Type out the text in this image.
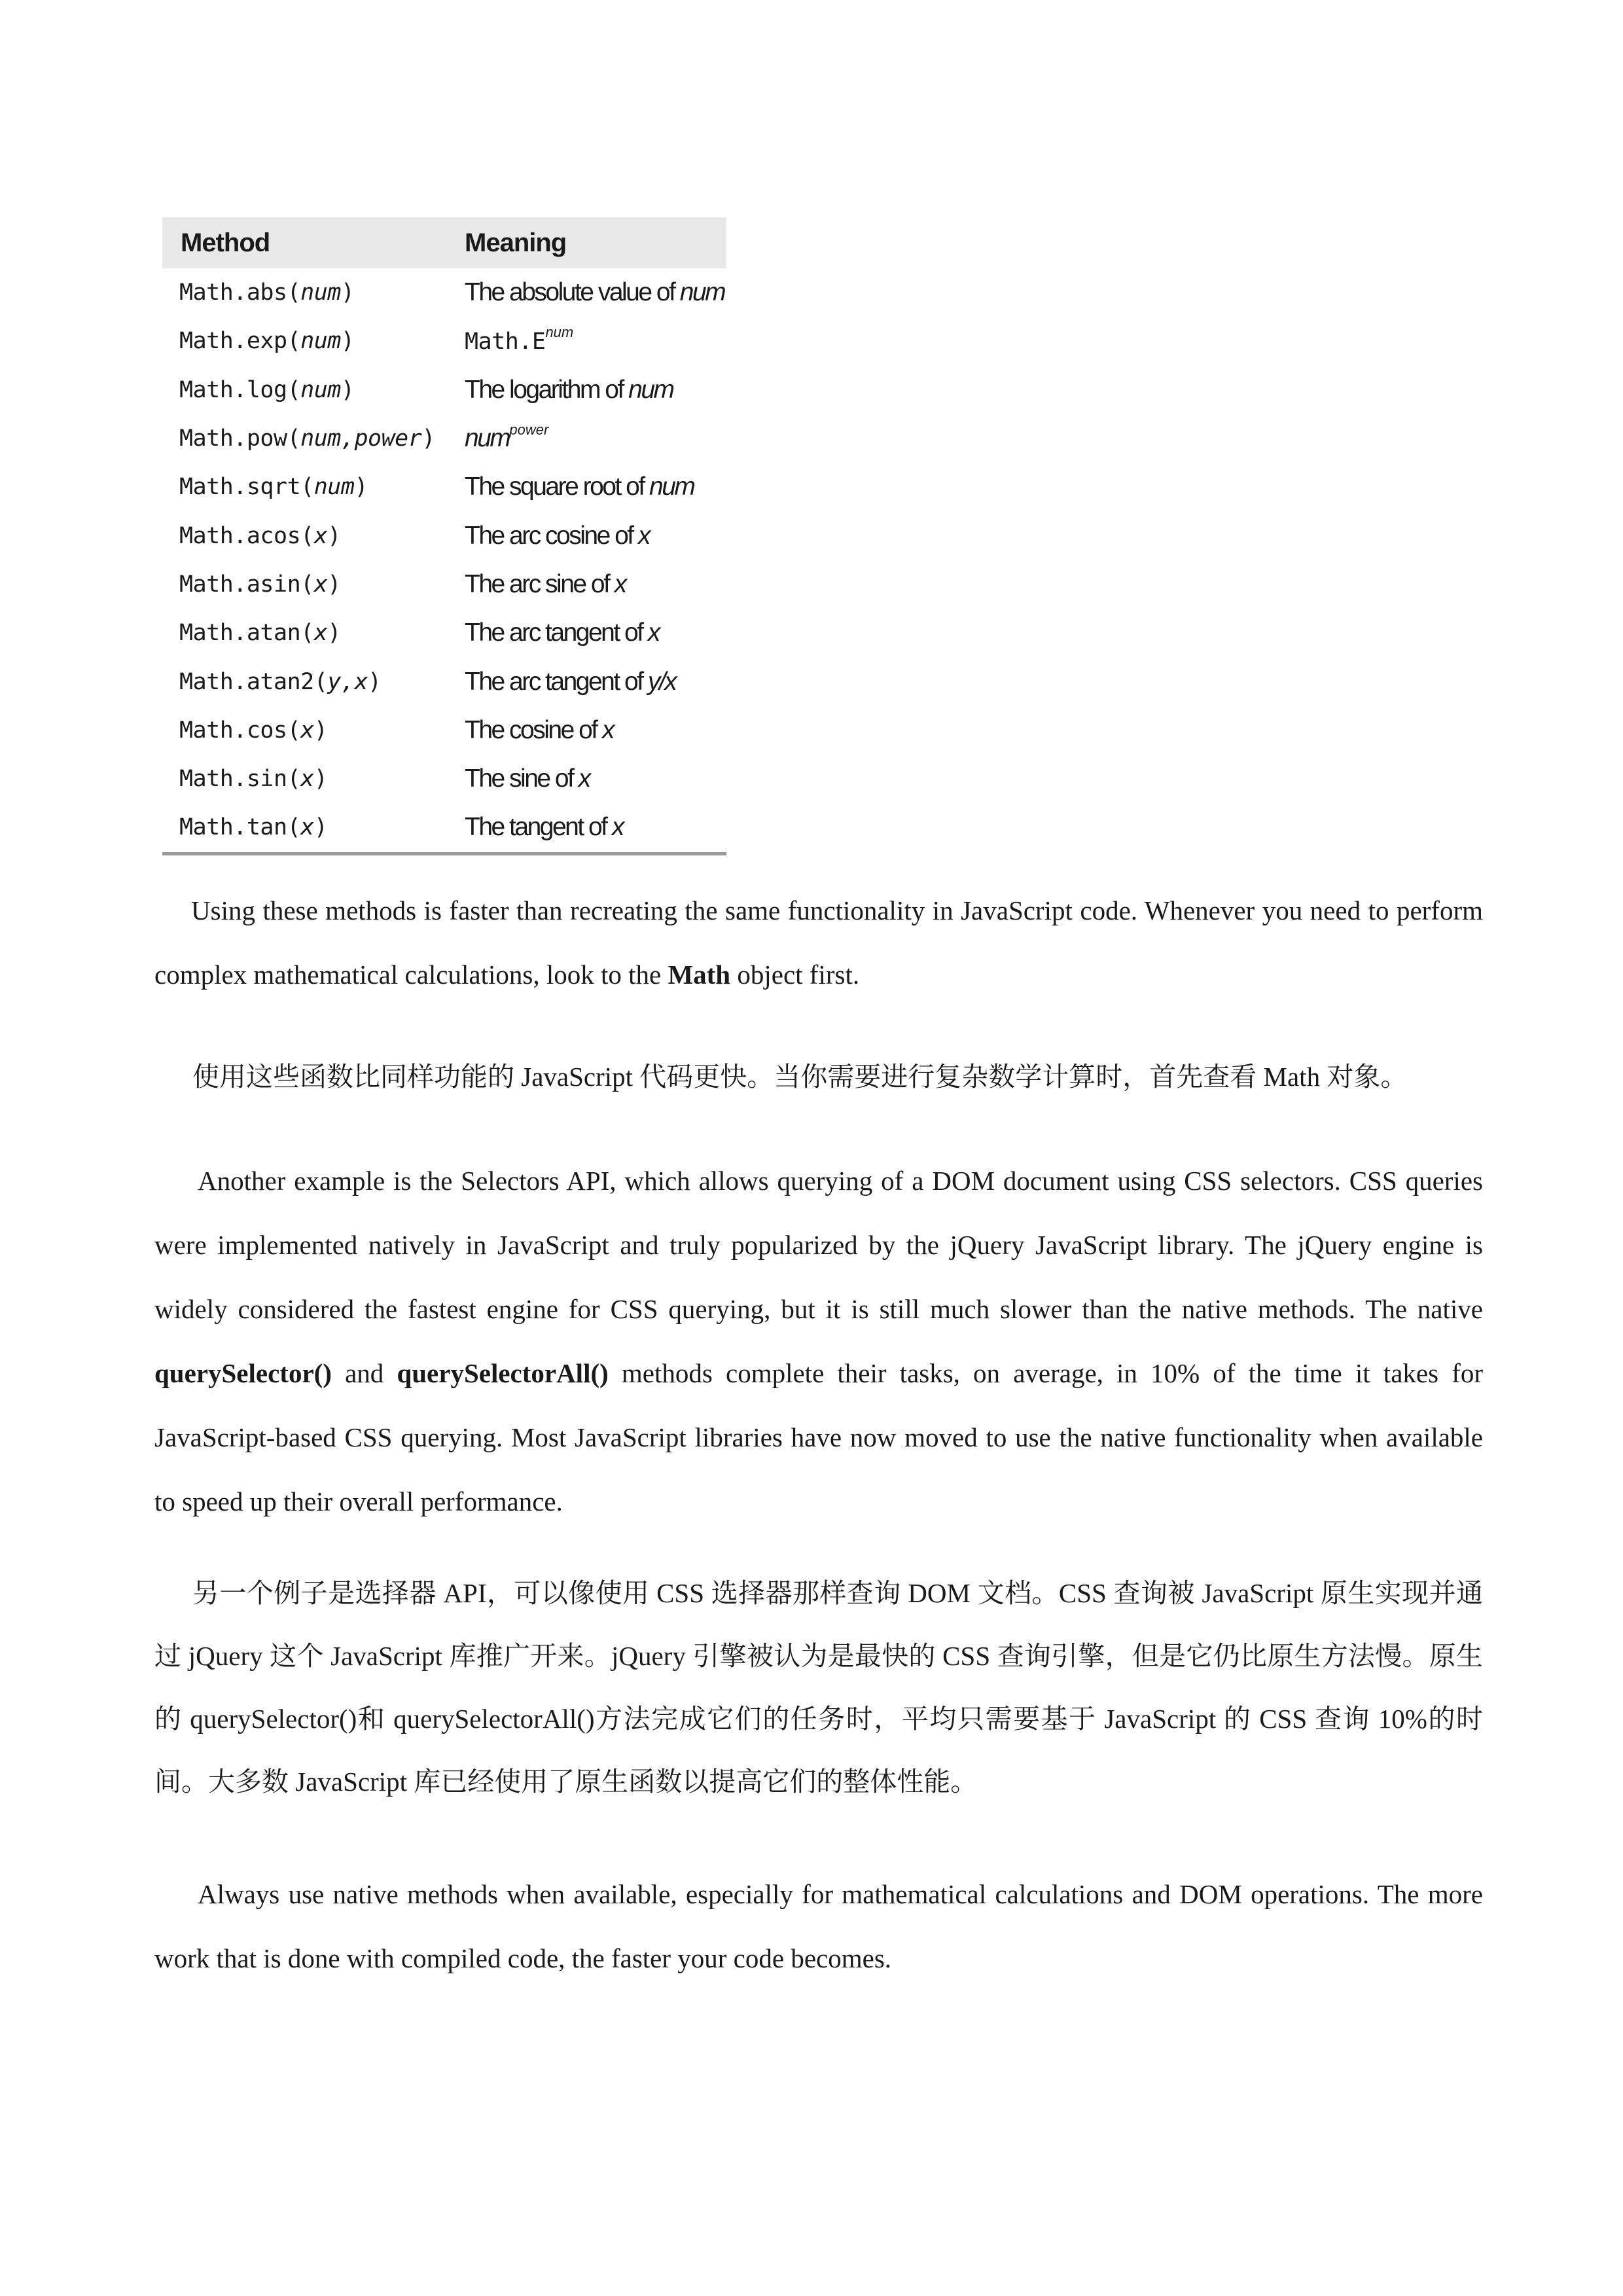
Method	Meaning
Math.abs(num)	The absolute value of num
Math.exp(num)	$Math.E^{num}$
Math.log(num)	The logarithm of num
Math.pow(num,power)	num$^{power}$
Math.sqrt(num)	The square root of num
Math.acos(x)	The arc cosine of x
Math.asin(x)	The arc sine of x
Math.atan(x)	The arc tangent of x
Math.atan2(y,x)	The arc tangent of y/x
Math.cos(x)	The cosine of x
Math.sin(x)	The sine of x
Math.tan(x)	The tangent of x

Using these methods is faster than recreating the same functionality in JavaScript code. Whenever you need to perform complex mathematical calculations, look to the Math object first.

使用这些函数比同样功能的 JavaScript 代码更快。当你需要进行复杂数学计算时，首先查看 Math 对象。

Another example is the Selectors API, which allows querying of a DOM document using CSS selectors. CSS queries were implemented natively in JavaScript and truly popularized by the jQuery JavaScript library. The jQuery engine is widely considered the fastest engine for CSS querying, but it is still much slower than the native methods. The native querySelector() and querySelectorAll() methods complete their tasks, on average, in 10% of the time it takes for JavaScript-based CSS querying. Most JavaScript libraries have now moved to use the native functionality when available to speed up their overall performance.

另一个例子是选择器 API，可以像使用 CSS 选择器那样查询 DOM 文档。CSS 查询被 JavaScript 原生实现并通过 jQuery 这个 JavaScript 库推广开来。jQuery 引擎被认为是最快的 CSS 查询引擎，但是它仍比原生方法慢。原生的 querySelector()和 querySelectorAll()方法完成它们的任务时，平均只需要基于 JavaScript 的 CSS 查询 10%的时间。大多数 JavaScript 库已经使用了原生函数以提高它们的整体性能。

Always use native methods when available, especially for mathematical calculations and DOM operations. The more work that is done with compiled code, the faster your code becomes.
